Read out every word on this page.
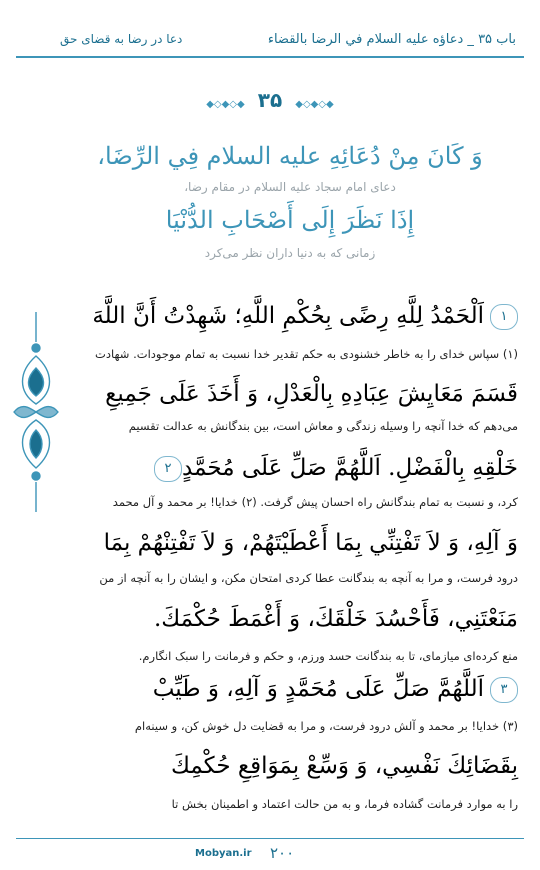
باب ۳۵ _ دعاؤه عليه السلام في الرضا بالقضاء
دعا در رضا به قضای حق
◆◇◆◇◆ ۳۵ ◆◇◆◇◆
وَ كَانَ مِنْ دُعَائِهِ عليه السلام فِي الرِّضَا،
دعای امام سجاد علیه السلام در مقام رضا،
إِذَا نَظَرَ إِلَى أَصْحَابِ الدُّنْيَا
زمانی که به دنیا داران نظر می‌کرد
۱اَلْحَمْدُ لِلَّهِ رِضًى بِحُكْمِ اللَّهِ؛ شَهِدْتُ أَنَّ اللَّهَ
(۱) سپاس خدای را به خاطر خشنودی به حکم تقدیر خدا نسبت به تمام موجودات. شهادت
قَسَمَ مَعَايِشَ عِبَادِهِ بِالْعَدْلِ، وَ أَخَذَ عَلَى جَمِيعِ
می‌دهم که خدا آنچه را وسیله زندگی و معاش است، بین بندگانش به عدالت تقسیم
خَلْقِهِ بِالْفَضْلِ. اَللَّهُمَّ صَلِّ عَلَى مُحَمَّدٍ۲
کرد، و نسبت به تمام بندگانش راه احسان پیش گرفت. (۲) خدایا! بر محمد و آل محمد
وَ آلِهِ، وَ لاَ تَفْتِنِّي بِمَا أَعْطَيْتَهُمْ، وَ لاَ تَفْتِنْهُمْ بِمَا
درود فرست، و مرا به آنچه به بندگانت عطا کردی امتحان مکن، و ایشان را به آنچه از من
مَنَعْتَنِي، فَأَحْسُدَ خَلْقَكَ، وَ أَغْمَطَ حُكْمَكَ.
منع کرده‌ای میازمای، تا به بندگانت حسد ورزم، و حکم و فرمانت را سبک انگارم.
۳اَللَّهُمَّ صَلِّ عَلَى مُحَمَّدٍ وَ آلِهِ، وَ طَيِّبْ
(۳) خدایا! بر محمد و آلش درود فرست، و مرا به قضایت دل خوش کن، و سینه‌ام
بِقَضَائِكَ نَفْسِي، وَ وَسِّعْ بِمَوَاقِعِ حُكْمِكَ
را به موارد فرمانت گشاده فرما، و به من حالت اعتماد و اطمینان بخش تا
Mobyan.ir ۲۰۰
